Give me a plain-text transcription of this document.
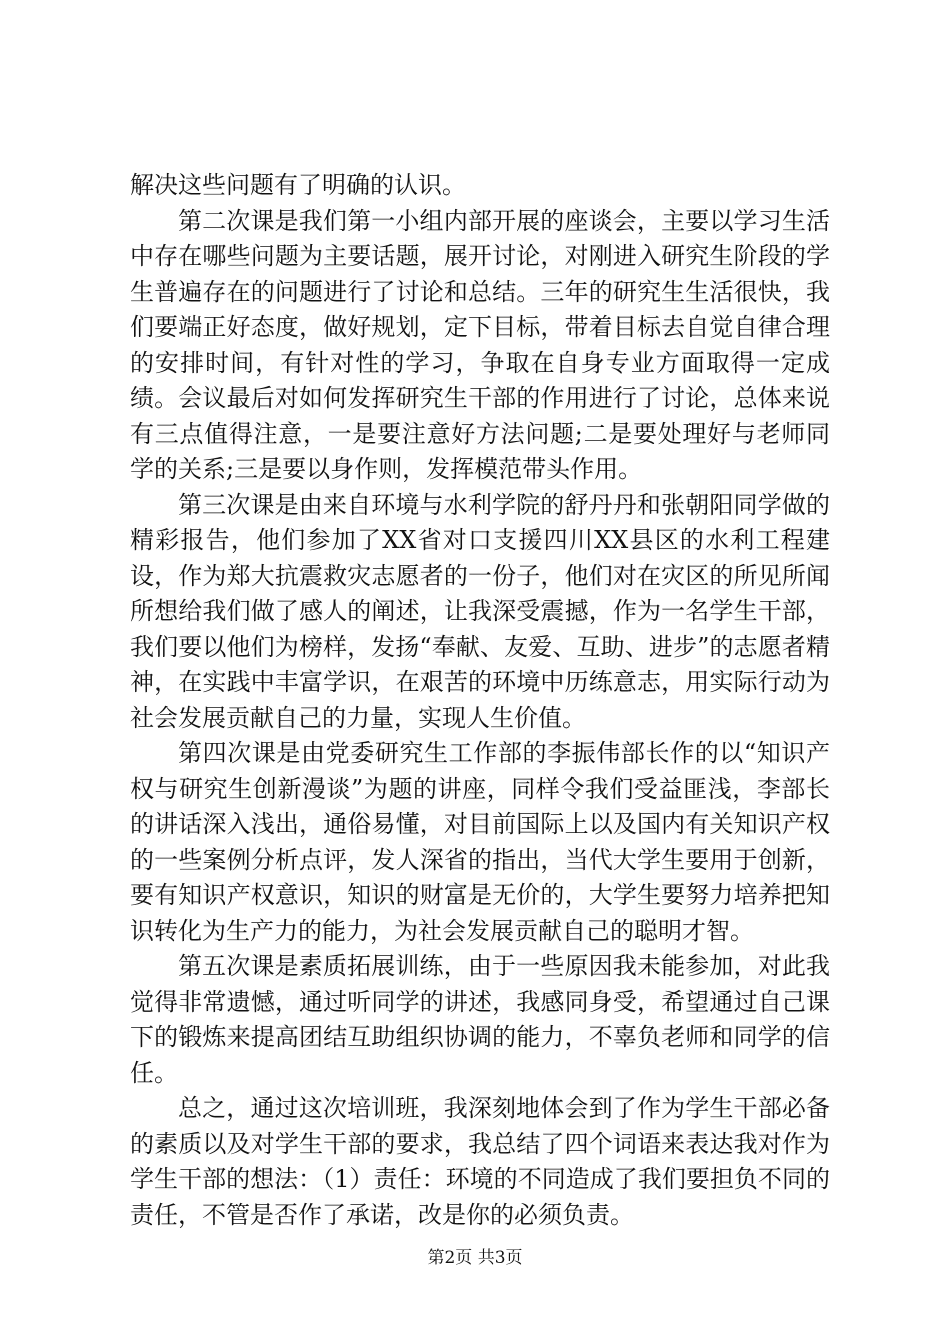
解决这些问题有了明确的认识。

第二次课是我们第一小组内部开展的座谈会，主要以学习生活中存在哪些问题为主要话题，展开讨论，对刚进入研究生阶段的学生普遍存在的问题进行了讨论和总结。三年的研究生生活很快，我们要端正好态度，做好规划，定下目标，带着目标去自觉自律合理的安排时间，有针对性的学习，争取在自身专业方面取得一定成绩。会议最后对如何发挥研究生干部的作用进行了讨论，总体来说有三点值得注意，一是要注意好方法问题;二是要处理好与老师同学的关系;三是要以身作则，发挥模范带头作用。

第三次课是由来自环境与水利学院的舒丹丹和张朝阳同学做的精彩报告，他们参加了XX省对口支援四川XX县区的水利工程建设，作为郑大抗震救灾志愿者的一份子，他们对在灾区的所见所闻所想给我们做了感人的阐述，让我深受震撼，作为一名学生干部，我们要以他们为榜样，发扬“奉献、友爱、互助、进步”的志愿者精神，在实践中丰富学识，在艰苦的环境中历练意志，用实际行动为社会发展贡献自己的力量，实现人生价值。

第四次课是由党委研究生工作部的李振伟部长作的以“知识产权与研究生创新漫谈”为题的讲座，同样令我们受益匪浅，李部长的讲话深入浅出，通俗易懂，对目前国际上以及国内有关知识产权的一些案例分析点评，发人深省的指出，当代大学生要用于创新，要有知识产权意识，知识的财富是无价的，大学生要努力培养把知识转化为生产力的能力，为社会发展贡献自己的聪明才智。

第五次课是素质拓展训练，由于一些原因我未能参加，对此我觉得非常遗憾，通过听同学的讲述，我感同身受，希望通过自己课下的锻炼来提高团结互助组织协调的能力，不辜负老师和同学的信任。

总之，通过这次培训班，我深刻地体会到了作为学生干部必备的素质以及对学生干部的要求，我总结了四个词语来表达我对作为学生干部的想法：（1）责任：环境的不同造成了我们要担负不同的责任，不管是否作了承诺，改是你的必须负责。

第2页 共3页
